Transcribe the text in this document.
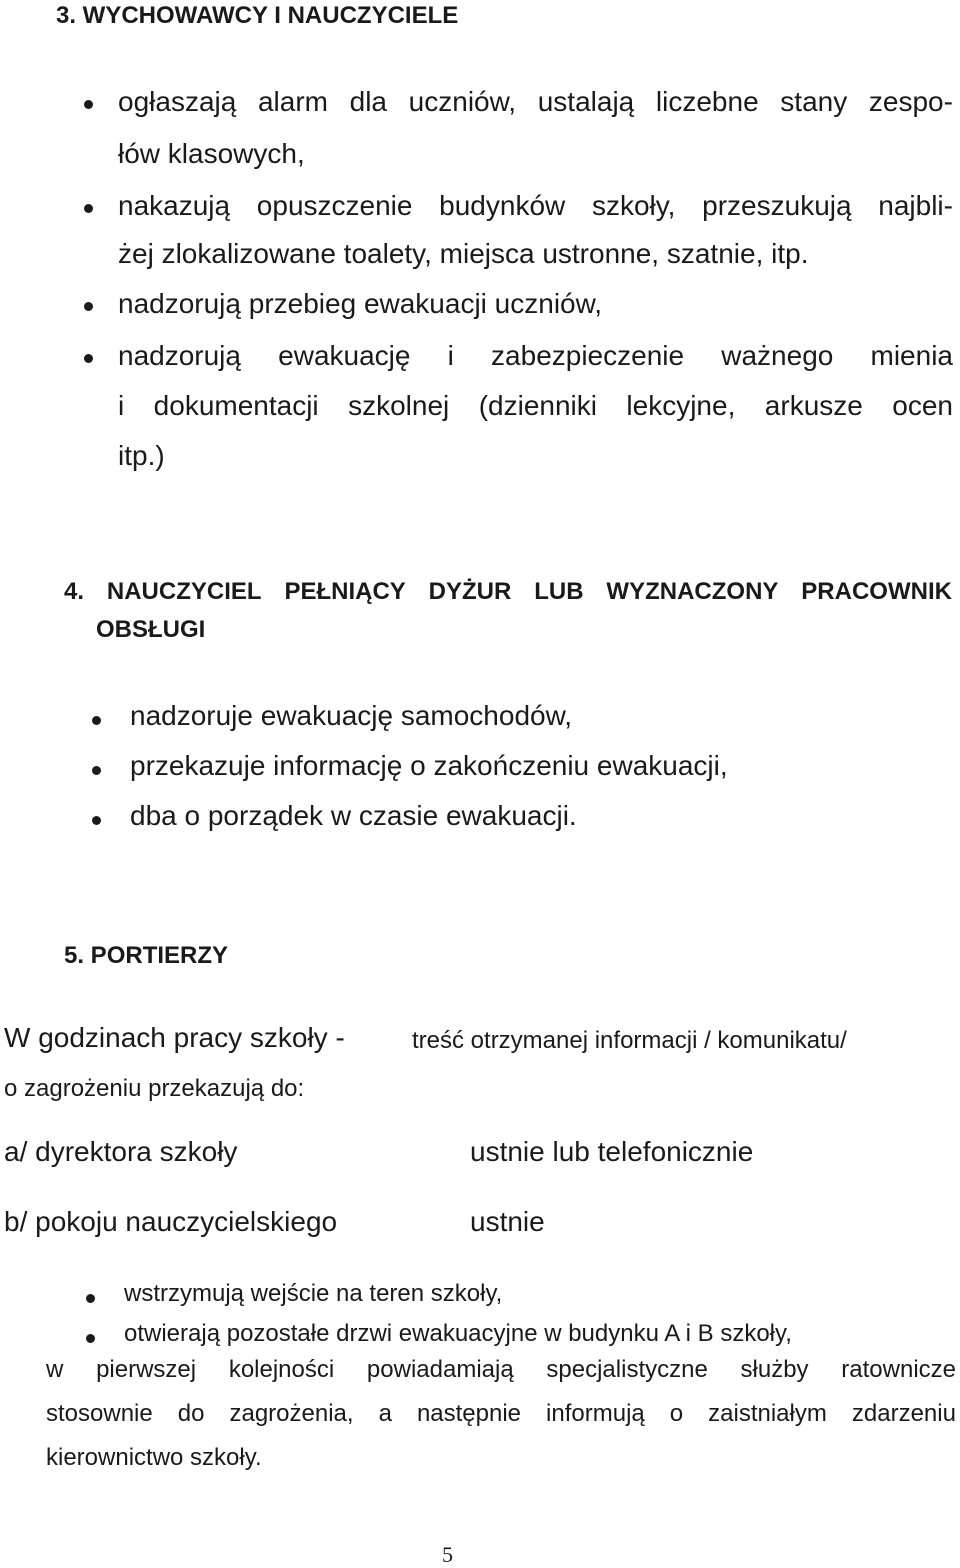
3. WYCHOWAWCY I NAUCZYCIELE
ogłaszają alarm dla uczniów, ustalają liczebne stany zespo-
łów klasowych,
nakazują opuszczenie budynków szkoły, przeszukują najbli-
żej zlokalizowane toalety, miejsca ustronne, szatnie, itp.
nadzorują przebieg ewakuacji uczniów,
nadzorują ewakuację i zabezpieczenie ważnego mienia
i dokumentacji szkolnej (dzienniki lekcyjne, arkusze ocen
itp.)
4. NAUCZYCIEL PEŁNIĄCY DYŻUR LUB WYZNACZONY PRACOWNIK
OBSŁUGI
nadzoruje ewakuację samochodów,
przekazuje informację o zakończeniu ewakuacji,
dba o porządek w czasie ewakuacji.
5. PORTIERZY
W godzinach pracy szkoły -	treść otrzymanej informacji / komunikatu/
o zagrożeniu przekazują do:
a/ dyrektora szkoły	ustnie lub telefonicznie
b/ pokoju nauczycielskiego	ustnie
wstrzymują wejście na teren szkoły,
otwierają pozostałe drzwi ewakuacyjne w budynku A i B szkoły,
w pierwszej kolejności powiadamiają specjalistyczne służby ratownicze
stosownie do zagrożenia, a następnie informują o zaistniałym zdarzeniu
kierownictwo szkoły.
5
